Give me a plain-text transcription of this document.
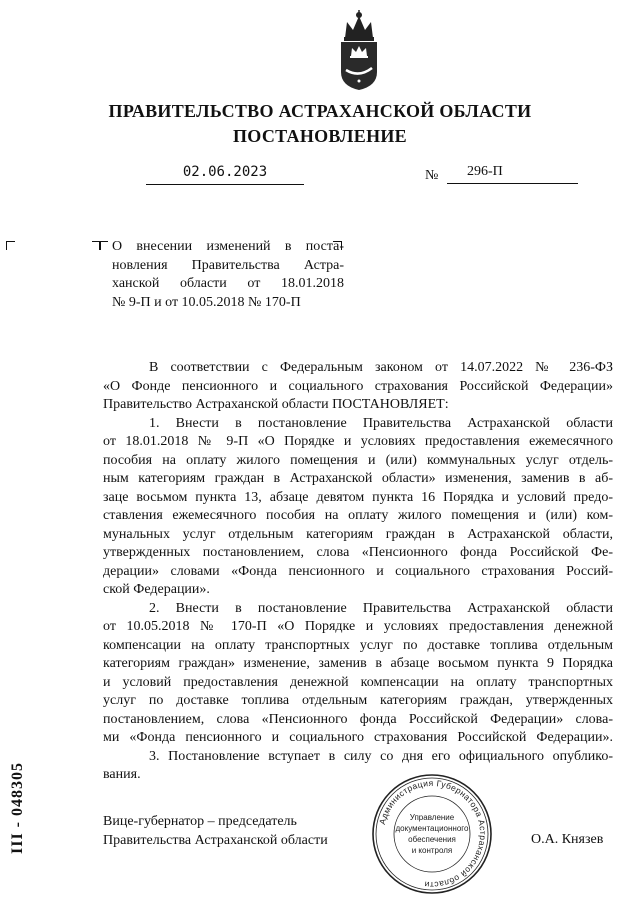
ПРАВИТЕЛЬСТВО АСТРАХАНСКОЙ ОБЛАСТИ
ПОСТАНОВЛЕНИЕ
02.06.2023	№	296-П
О внесении изменений в поста-
новления Правительства Астра-
ханской области от 18.01.2018
№ 9-П и от 10.05.2018 № 170-П
В соответствии с Федеральным законом от 14.07.2022 № 236-ФЗ
«О Фонде пенсионного и социального страхования Российской Федерации»
Правительство Астраханской области ПОСТАНОВЛЯЕТ:
1. Внести в постановление Правительства Астраханской области
от 18.01.2018 № 9-П «О Порядке и условиях предоставления ежемесячного
пособия на оплату жилого помещения и (или) коммунальных услуг отдель-
ным категориям граждан в Астраханской области» изменения, заменив в аб-
заце восьмом пункта 13, абзаце девятом пункта 16 Порядка и условий предо-
ставления ежемесячного пособия на оплату жилого помещения и (или) ком-
мунальных услуг отдельным категориям граждан в Астраханской области,
утвержденных постановлением, слова «Пенсионного фонда Российской Фе-
дерации» словами «Фонда пенсионного и социального страхования Россий-
ской Федерации».
2. Внести в постановление Правительства Астраханской области
от 10.05.2018 № 170-П «О Порядке и условиях предоставления денежной
компенсации на оплату транспортных услуг по доставке топлива отдельным
категориям граждан» изменение, заменив в абзаце восьмом пункта 9 Порядка
и условий предоставления денежной компенсации на оплату транспортных
услуг по доставке топлива отдельным категориям граждан, утвержденных
постановлением, слова «Пенсионного фонда Российской Федерации» слова-
ми «Фонда пенсионного и социального страхования Российской Федерации».
3. Постановление вступает в силу со дня его официального опублико-
вания.
III - 048305	Вице-губернатор – председатель
Правительства Астраханской области	О.А. Князев
Администрация Губернатора Астраханской области
Управление
документационного
обеспечения
и контроля
